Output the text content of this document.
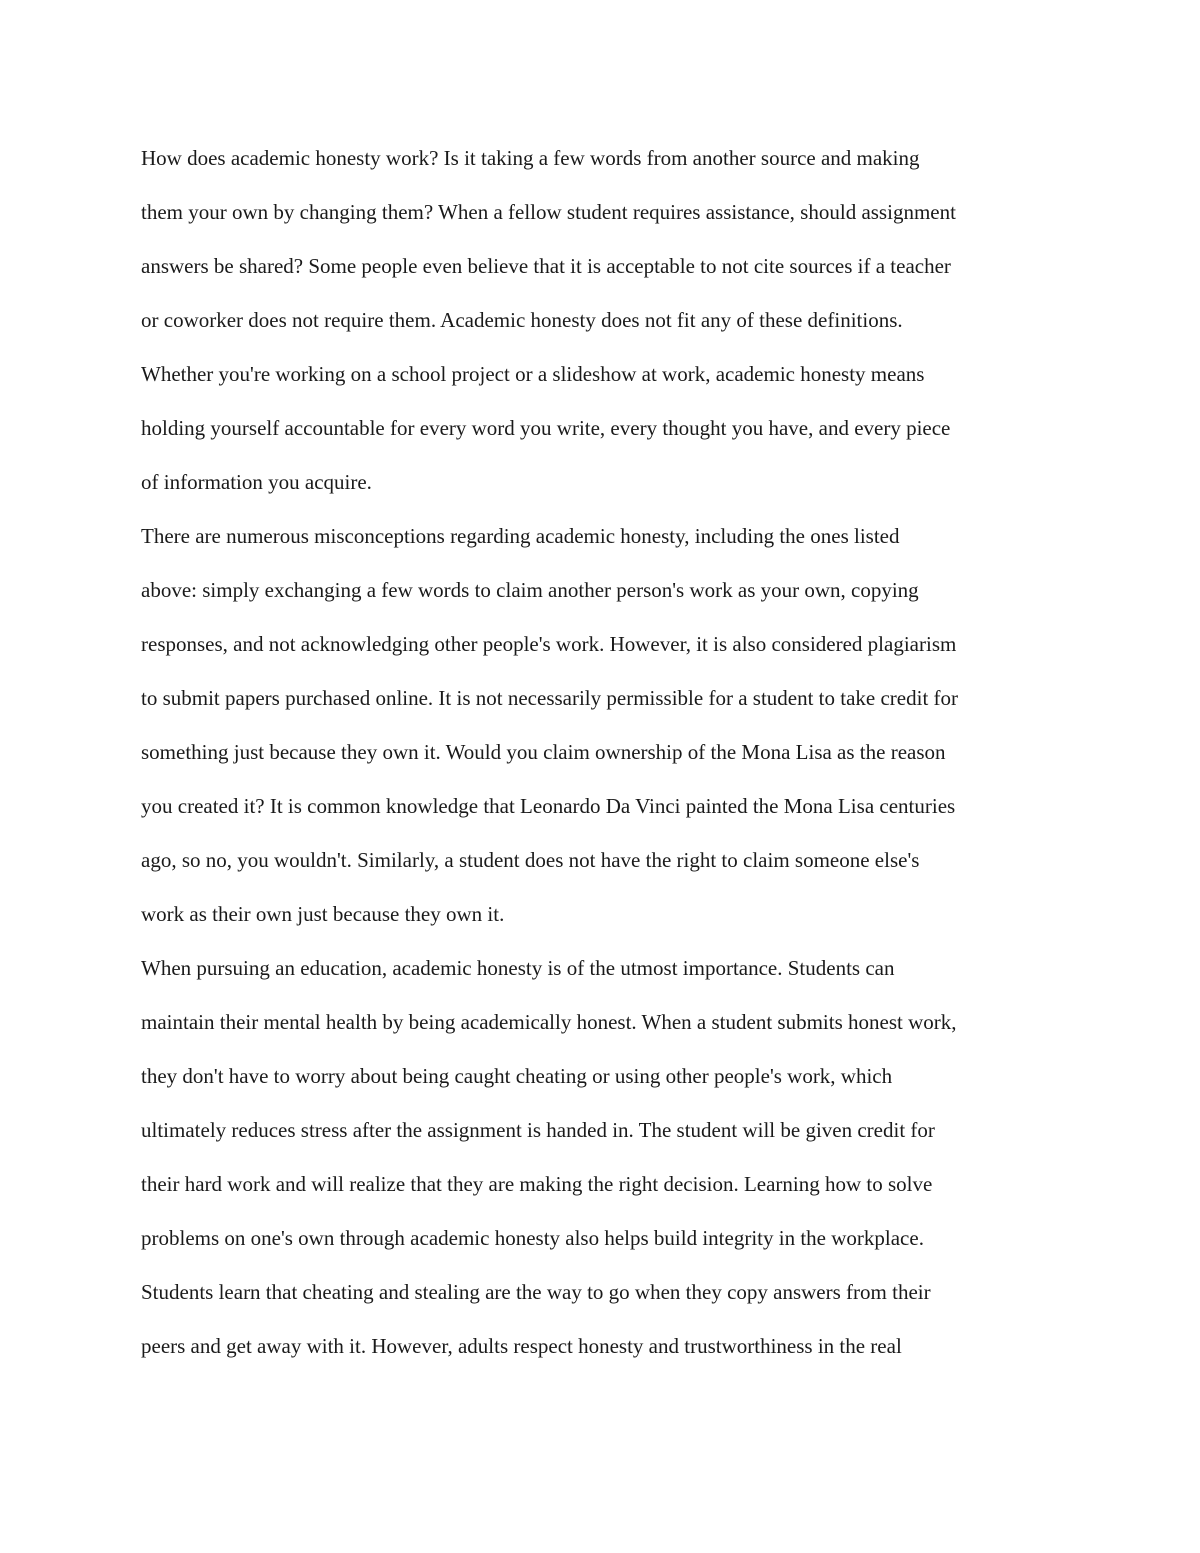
How does academic honesty work? Is it taking a few words from another source and making
them your own by changing them? When a fellow student requires assistance, should assignment
answers be shared? Some people even believe that it is acceptable to not cite sources if a teacher
or coworker does not require them. Academic honesty does not fit any of these definitions.
Whether you're working on a school project or a slideshow at work, academic honesty means
holding yourself accountable for every word you write, every thought you have, and every piece
of information you acquire.
There are numerous misconceptions regarding academic honesty, including the ones listed
above: simply exchanging a few words to claim another person's work as your own, copying
responses, and not acknowledging other people's work. However, it is also considered plagiarism
to submit papers purchased online. It is not necessarily permissible for a student to take credit for
something just because they own it. Would you claim ownership of the Mona Lisa as the reason
you created it? It is common knowledge that Leonardo Da Vinci painted the Mona Lisa centuries
ago, so no, you wouldn't. Similarly, a student does not have the right to claim someone else's
work as their own just because they own it.
When pursuing an education, academic honesty is of the utmost importance. Students can
maintain their mental health by being academically honest. When a student submits honest work,
they don't have to worry about being caught cheating or using other people's work, which
ultimately reduces stress after the assignment is handed in. The student will be given credit for
their hard work and will realize that they are making the right decision. Learning how to solve
problems on one's own through academic honesty also helps build integrity in the workplace.
Students learn that cheating and stealing are the way to go when they copy answers from their
peers and get away with it. However, adults respect honesty and trustworthiness in the real
